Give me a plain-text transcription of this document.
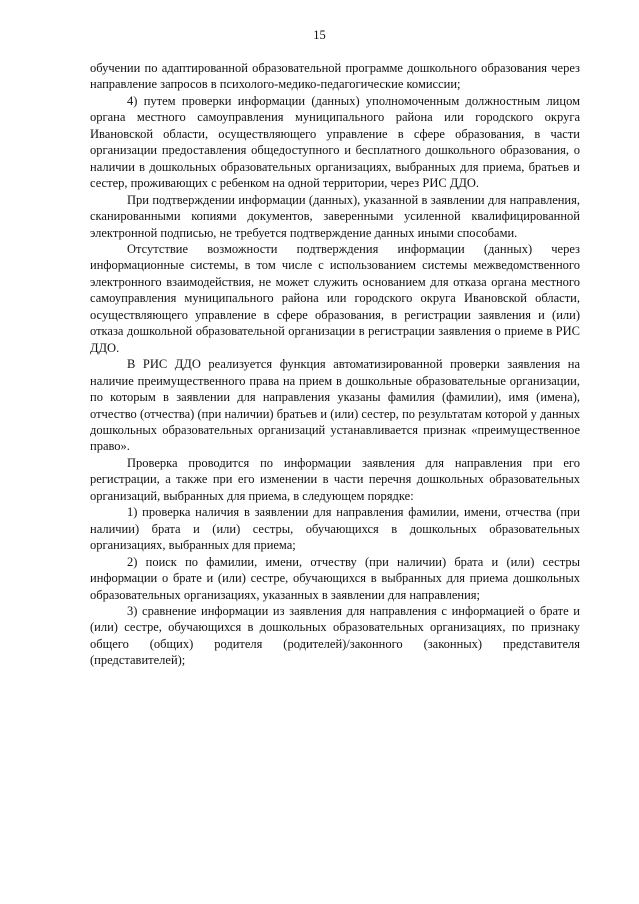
15

обучении по адаптированной образовательной программе дошкольного образования через направление запросов в психолого-медико-педагогические комиссии;

4) путем проверки информации (данных) уполномоченным должностным лицом органа местного самоуправления муниципального района или городского округа Ивановской области, осуществляющего управление в сфере образования, в части организации предоставления общедоступного и бесплатного дошкольного образования, о наличии в дошкольных образовательных организациях, выбранных для приема, братьев и сестер, проживающих с ребенком на одной территории, через РИС ДДО.

При подтверждении информации (данных), указанной в заявлении для направления, сканированными копиями документов, заверенными усиленной квалифицированной электронной подписью, не требуется подтверждение данных иными способами.

Отсутствие возможности подтверждения информации (данных) через информационные системы, в том числе с использованием системы межведомственного электронного взаимодействия, не может служить основанием для отказа органа местного самоуправления муниципального района или городского округа Ивановской области, осуществляющего управление в сфере образования, в регистрации заявления и (или) отказа дошкольной образовательной организации в регистрации заявления о приеме в РИС ДДО.

В РИС ДДО реализуется функция автоматизированной проверки заявления на наличие преимущественного права на прием в дошкольные образовательные организации, по которым в заявлении для направления указаны фамилия (фамилии), имя (имена), отчество (отчества) (при наличии) братьев и (или) сестер, по результатам которой у данных дошкольных образовательных организаций устанавливается признак «преимущественное право».

Проверка проводится по информации заявления для направления при его регистрации, а также при его изменении в части перечня дошкольных образовательных организаций, выбранных для приема, в следующем порядке:

1) проверка наличия в заявлении для направления фамилии, имени, отчества (при наличии) брата и (или) сестры, обучающихся в дошкольных образовательных организациях, выбранных для приема;

2) поиск по фамилии, имени, отчеству (при наличии) брата и (или) сестры информации о брате и (или) сестре, обучающихся в выбранных для приема дошкольных образовательных организациях, указанных в заявлении для направления;

3) сравнение информации из заявления для направления с информацией о брате и (или) сестре, обучающихся в дошкольных образовательных организациях, по признаку общего (общих) родителя (родителей)/законного (законных) представителя (представителей);
